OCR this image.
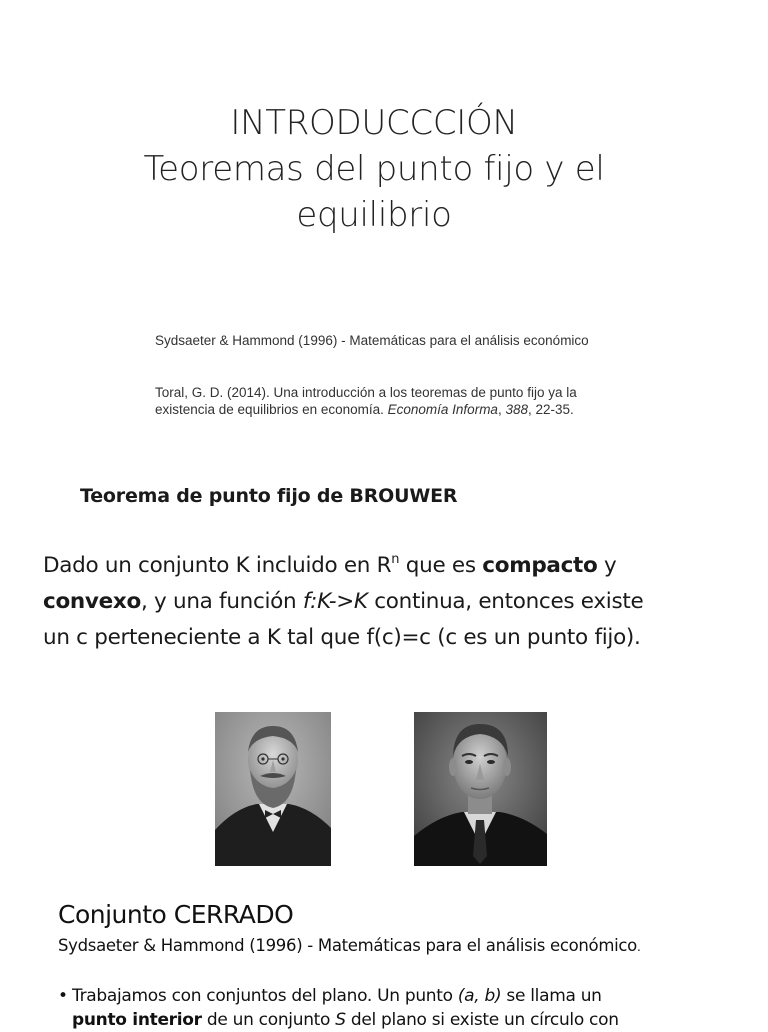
INTRODUCCCIÓN
Teoremas del punto fijo y el
equilibrio
Sydsaeter & Hammond (1996) - Matemáticas para el análisis económico
Toral, G. D. (2014). Una introducción a los teoremas de punto fijo ya la
existencia de equilibrios en economía. Economía Informa, 388, 22-35.
Teorema de punto fijo de BROUWER
Dado un conjunto K incluido en $R^n$ que es compacto y
convexo, y una función f:K->K continua, entonces existe
un c perteneciente a K tal que f(c)=c (c es un punto fijo).
Conjunto CERRADO
Sydsaeter & Hammond (1996) - Matemáticas para el análisis económico.
• Trabajamos con conjuntos del plano. Un punto (a, b) se llama un
punto interior de un conjunto S del plano si existe un círculo con
